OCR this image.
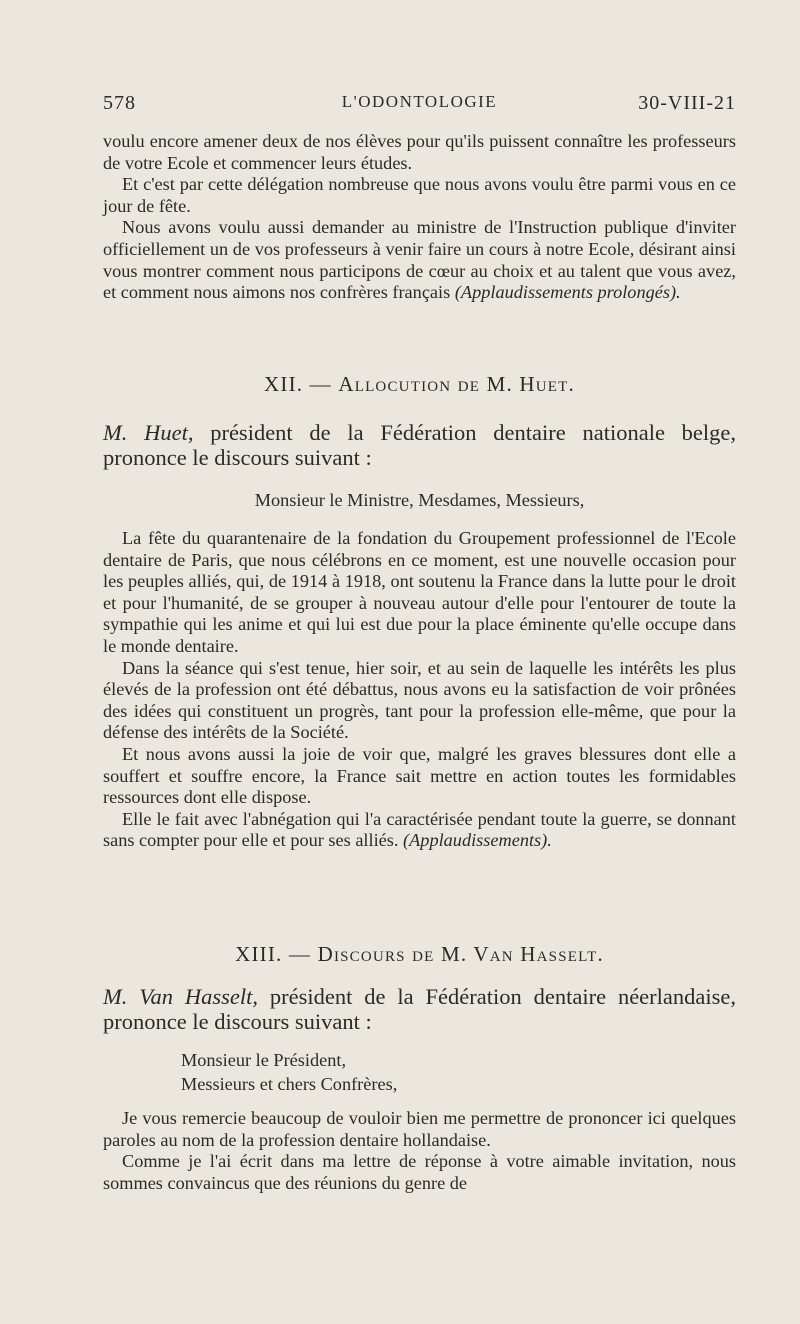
578	L'ODONTOLOGIE	30-VIII-21

voulu encore amener deux de nos élèves pour qu'ils puissent connaître les professeurs de votre Ecole et commencer leurs études.

Et c'est par cette délégation nombreuse que nous avons voulu être parmi vous en ce jour de fête.

Nous avons voulu aussi demander au ministre de l'Instruction publique d'inviter officiellement un de vos professeurs à venir faire un cours à notre Ecole, désirant ainsi vous montrer comment nous participons de cœur au choix et au talent que vous avez, et comment nous aimons nos confrères français (Applaudissements prolongés).

XII. — Allocution de M. Huet.
M. Huet, président de la Fédération dentaire nationale belge, prononce le discours suivant :
Monsieur le Ministre, Mesdames, Messieurs,

La fête du quarantenaire de la fondation du Groupement professionnel de l'Ecole dentaire de Paris, que nous célébrons en ce moment, est une nouvelle occasion pour les peuples alliés, qui, de 1914 à 1918, ont soutenu la France dans la lutte pour le droit et pour l'humanité, de se grouper à nouveau autour d'elle pour l'entourer de toute la sympathie qui les anime et qui lui est due pour la place éminente qu'elle occupe dans le monde dentaire.

Dans la séance qui s'est tenue, hier soir, et au sein de laquelle les intérêts les plus élevés de la profession ont été débattus, nous avons eu la satisfaction de voir prônées des idées qui constituent un progrès, tant pour la profession elle-même, que pour la défense des intérêts de la Société.

Et nous avons aussi la joie de voir que, malgré les graves blessures dont elle a souffert et souffre encore, la France sait mettre en action toutes les formidables ressources dont elle dispose.

Elle le fait avec l'abnégation qui l'a caractérisée pendant toute la guerre, se donnant sans compter pour elle et pour ses alliés. (Applaudissements).

XIII. — Discours de M. Van Hasselt.
M. Van Hasselt, président de la Fédération dentaire néerlandaise, prononce le discours suivant :
Monsieur le Président,
Messieurs et chers Confrères,

Je vous remercie beaucoup de vouloir bien me permettre de prononcer ici quelques paroles au nom de la profession dentaire hollandaise.

Comme je l'ai écrit dans ma lettre de réponse à votre aimable invitation, nous sommes convaincus que des réunions du genre de
